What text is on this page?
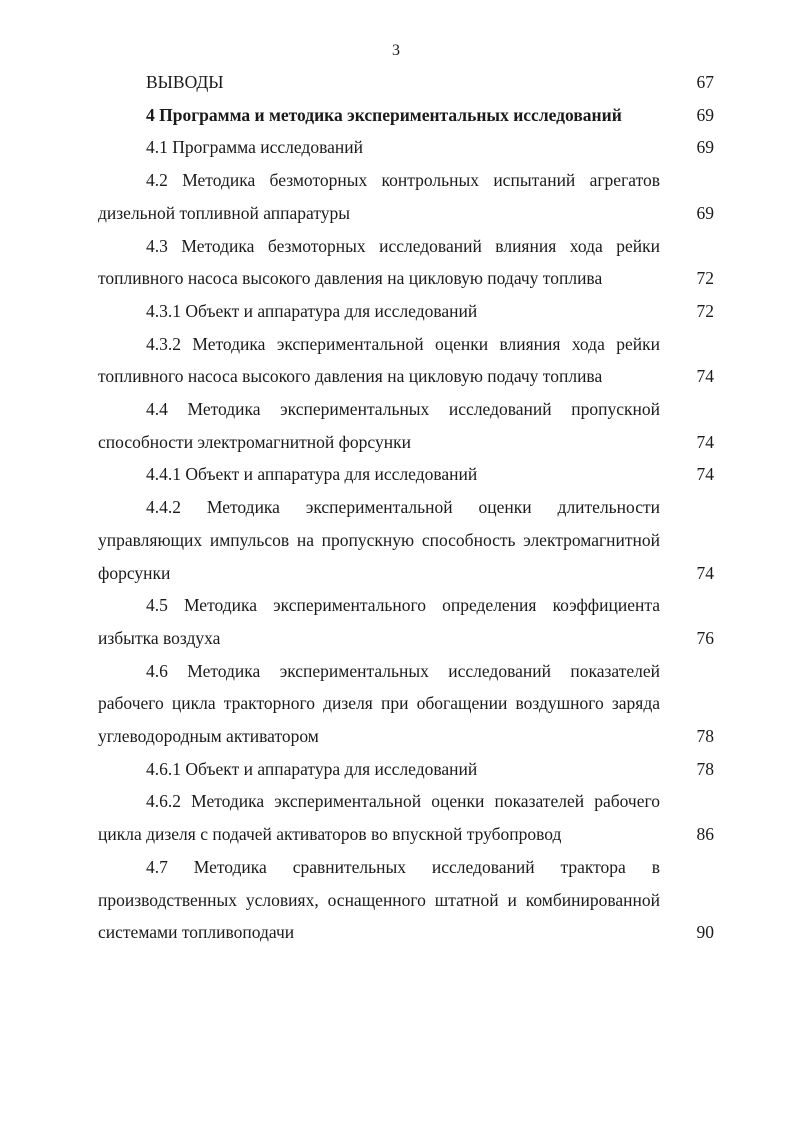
3
ВЫВОДЫ	67
4 Программа и методика экспериментальных исследований	69
4.1 Программа исследований	69
4.2 Методика безмоторных контрольных испытаний агрегатов дизельной топливной аппаратуры	69
4.3 Методика безмоторных исследований влияния хода рейки топливного насоса высокого давления на цикловую подачу топлива	72
4.3.1 Объект и аппаратура для исследований	72
4.3.2 Методика экспериментальной оценки влияния хода рейки топливного насоса высокого давления на цикловую подачу топлива	74
4.4 Методика экспериментальных исследований пропускной способности электромагнитной форсунки	74
4.4.1 Объект и аппаратура для исследований	74
4.4.2 Методика экспериментальной оценки длительности управляющих импульсов на пропускную способность электромагнитной форсунки	74
4.5 Методика экспериментального определения коэффициента избытка воздуха	76
4.6 Методика экспериментальных исследований показателей рабочего цикла тракторного дизеля при обогащении воздушного заряда углеводородным активатором	78
4.6.1 Объект и аппаратура для исследований	78
4.6.2 Методика экспериментальной оценки показателей рабочего цикла дизеля с подачей активаторов во впускной трубопровод	86
4.7 Методика сравнительных исследований трактора в производственных условиях, оснащенного штатной и комбинированной системами топливоподачи	90
